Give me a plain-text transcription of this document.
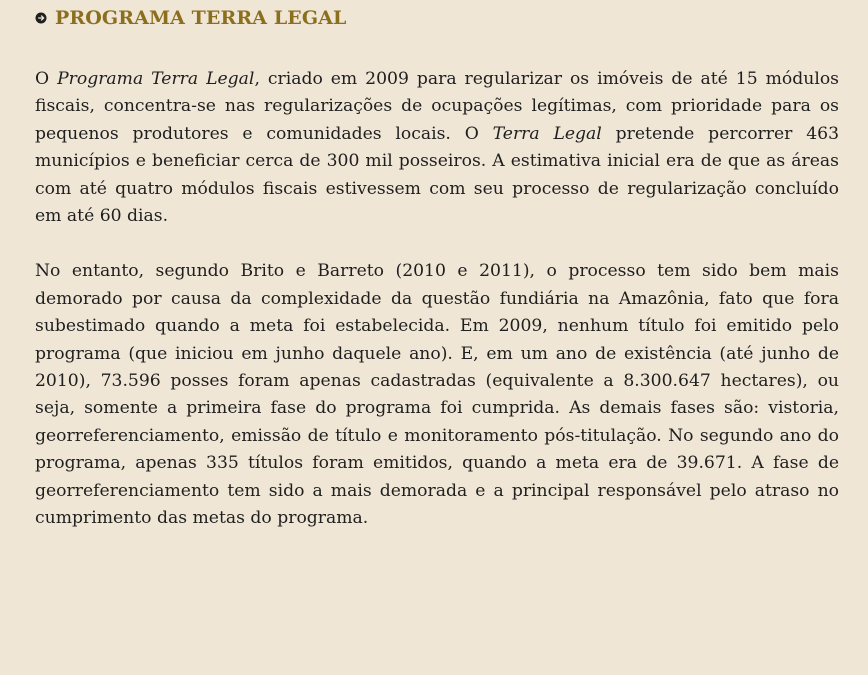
PROGRAMA TERRA LEGAL

O Programa Terra Legal, criado em 2009 para regularizar os imóveis de até 15 módulos fiscais, concentra-se nas regularizações de ocupações legítimas, com prioridade para os pequenos produtores e comunidades locais. O Terra Legal pretende percorrer 463 municípios e beneficiar cerca de 300 mil posseiros. A estimativa inicial era de que as áreas com até quatro módulos fiscais estivessem com seu processo de regularização concluído em até 60 dias.

No entanto, segundo Brito e Barreto (2010 e 2011), o processo tem sido bem mais demorado por causa da complexidade da questão fundiária na Amazônia, fato que fora subestimado quando a meta foi estabelecida. Em 2009, nenhum título foi emitido pelo programa (que iniciou em junho daquele ano). E, em um ano de existência (até junho de 2010), 73.596 posses foram apenas cadastradas (equivalente a 8.300.647 hectares), ou seja, somente a primeira fase do programa foi cumprida. As demais fases são: vistoria, georreferenciamento, emissão de título e monitoramento pós-titulação. No segundo ano do programa, apenas 335 títulos foram emitidos, quando a meta era de 39.671. A fase de georreferenciamento tem sido a mais demorada e a principal responsável pelo atraso no cumprimento das metas do programa.
